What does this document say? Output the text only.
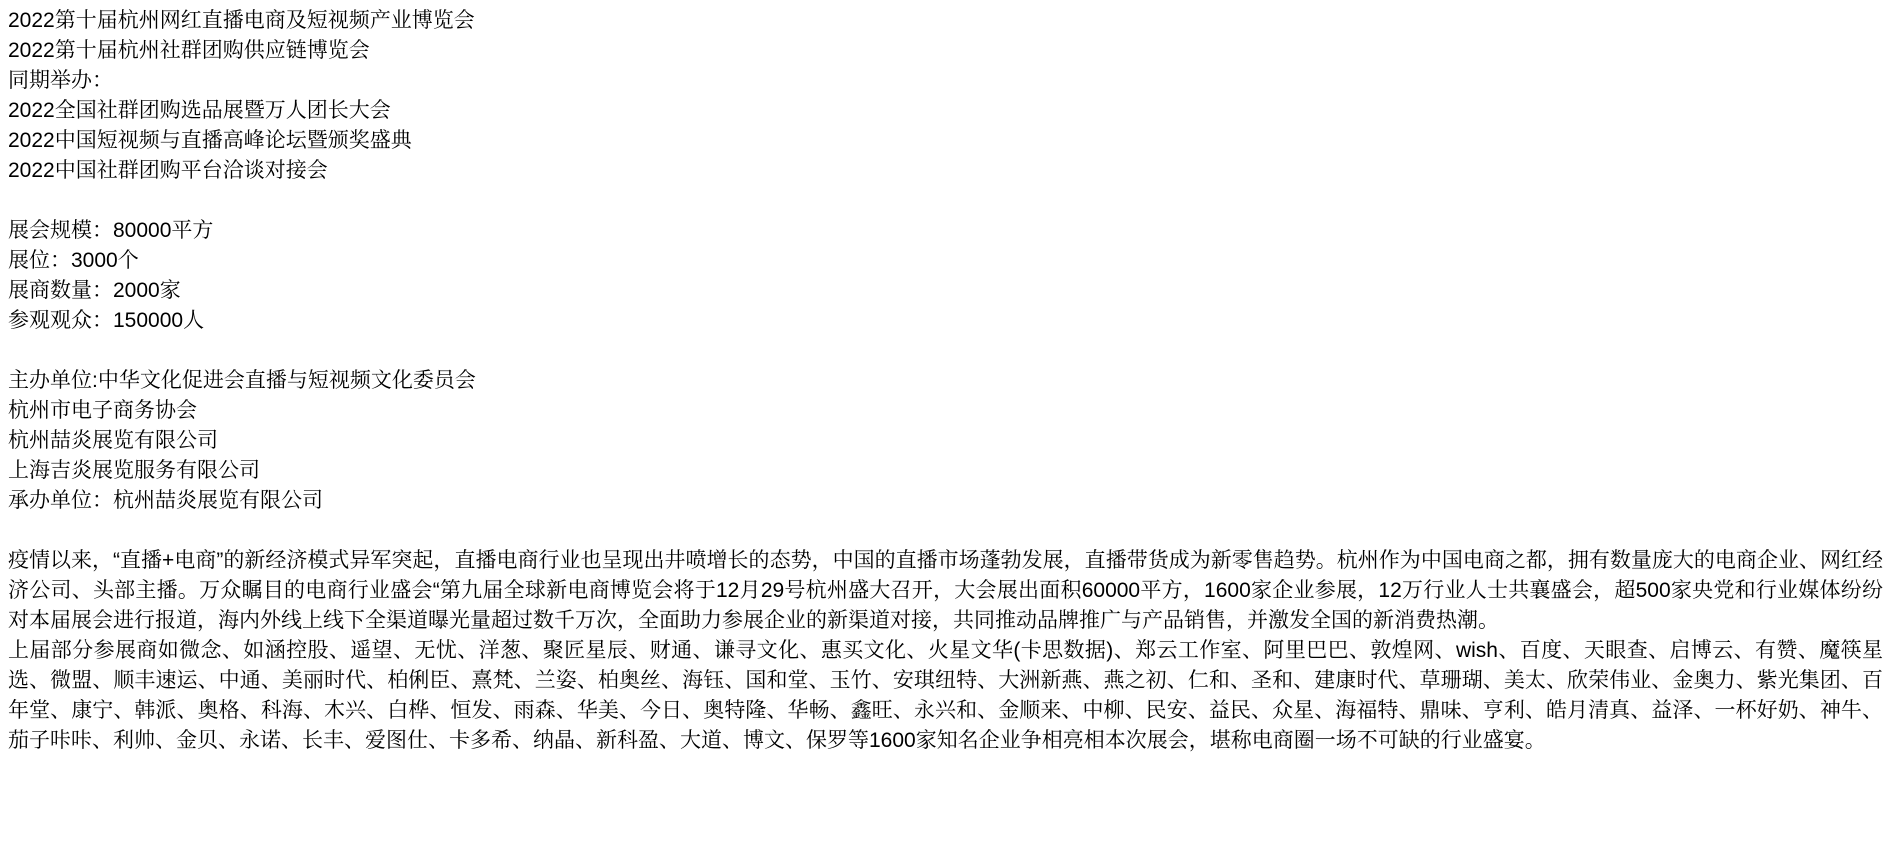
2022第十届杭州网红直播电商及短视频产业博览会
2022第十届杭州社群团购供应链博览会
同期举办：
2022全国社群团购选品展暨万人团长大会
2022中国短视频与直播高峰论坛暨颁奖盛典
2022中国社群团购平台洽谈对接会
展会规模：80000平方
展位：3000个
展商数量：2000家
参观观众：150000人
主办单位:中华文化促进会直播与短视频文化委员会
杭州市电子商务协会
杭州喆炎展览有限公司
上海吉炎展览服务有限公司
承办单位：杭州喆炎展览有限公司

疫情以来，“直播+电商”的新经济模式异军突起，直播电商行业也呈现出井喷增长的态势，中国的直播市场蓬勃发展，直播带货成为新零售趋势。杭州作为中国电商之都，拥有数量庞大的电商企业、网红经济公司、头部主播。万众瞩目的电商行业盛会“第九届全球新电商博览会将于12月29号杭州盛大召开，大会展出面积60000平方，1600家企业参展，12万行业人士共襄盛会，超500家央党和行业媒体纷纷对本届展会进行报道，海内外线上线下全渠道曝光量超过数千万次，全面助力参展企业的新渠道对接，共同推动品牌推广与产品销售，并激发全国的新消费热潮。

上届部分参展商如微念、如涵控股、遥望、无忧、洋葱、聚匠星辰、财通、谦寻文化、惠买文化、火星文华(卡思数据)、郑云工作室、阿里巴巴、敦煌网、wish、百度、天眼查、启博云、有赞、魔筷星选、微盟、顺丰速运、中通、美丽时代、柏俐臣、熹梵、兰姿、柏奥丝、海钰、国和堂、玉竹、安琪纽特、大洲新燕、燕之初、仁和、圣和、建康时代、草珊瑚、美太、欣荣伟业、金奥力、紫光集团、百年堂、康宁、韩派、奥格、科海、木兴、白桦、恒发、雨森、华美、今日、奥特隆、华畅、鑫旺、永兴和、金顺来、中柳、民安、益民、众星、海福特、鼎味、亨利、皓月清真、益泽、一杯好奶、神牛、茄子咔咔、利帅、金贝、永诺、长丰、爱图仕、卡多希、纳晶、新科盈、大道、博文、保罗等1600家知名企业争相亮相本次展会，堪称电商圈一场不可缺的行业盛宴。
